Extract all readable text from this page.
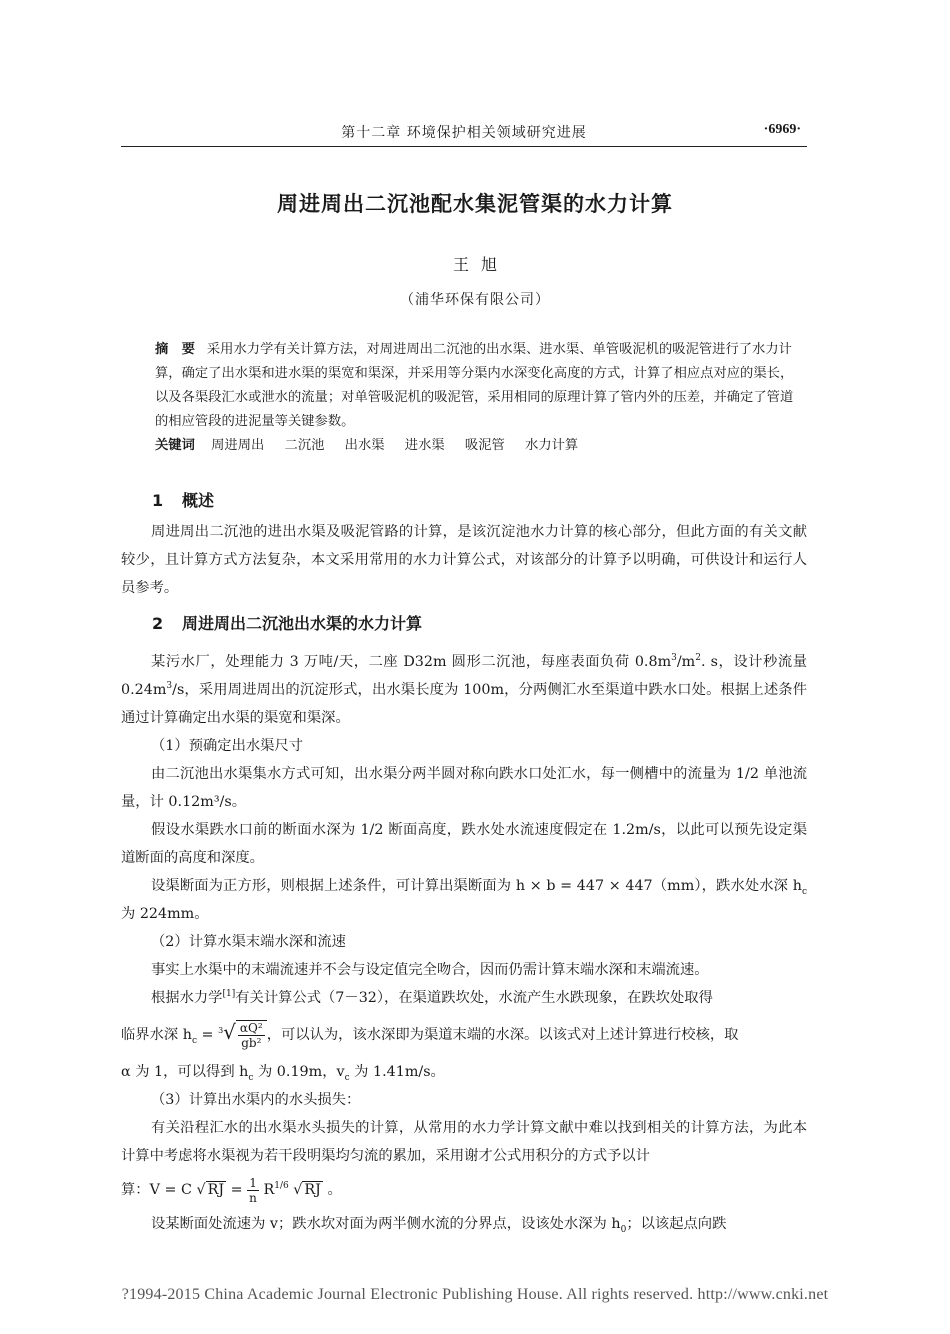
第十二章 环境保护相关领域研究进展	·6969·
周进周出二沉池配水集泥管渠的水力计算
王旭
（浦华环保有限公司）
摘　要 采用水力学有关计算方法，对周进周出二沉池的出水渠、进水渠、单管吸泥机的吸泥管进行了水力计算，确定了出水渠和进水渠的渠宽和渠深，并采用等分渠内水深变化高度的方式，计算了相应点对应的渠长，以及各渠段汇水或泄水的流量；对单管吸泥机的吸泥管，采用相同的原理计算了管内外的压差，并确定了管道的相应管段的进泥量等关键参数。
关键词 周进周出 二沉池 出水渠 进水渠 吸泥管 水力计算
1 概述

周进周出二沉池的进出水渠及吸泥管路的计算，是该沉淀池水力计算的核心部分，但此方面的有关文献较少，且计算方式方法复杂，本文采用常用的水力计算公式，对该部分的计算予以明确，可供设计和运行人员参考。

2 周进周出二沉池出水渠的水力计算

某污水厂，处理能力 3 万吨/天，二座 D32m 圆形二沉池，每座表面负荷 $0.8m^3/m^2$. s，设计秒流量 $0.24m^3/s$，采用周进周出的沉淀形式，出水渠长度为 100m，分两侧汇水至渠道中跌水口处。根据上述条件通过计算确定出水渠的渠宽和渠深。

（1）预确定出水渠尺寸

由二沉池出水渠集水方式可知，出水渠分两半圆对称向跌水口处汇水，每一侧槽中的流量为 1/2 单池流量，计 0.12m³/s。

假设水渠跌水口前的断面水深为 1/2 断面高度，跌水处水流速度假定在 1.2m/s，以此可以预先设定渠道断面的高度和深度。

设渠断面为正方形，则根据上述条件，可计算出渠断面为 h × b = 447 × 447（mm），跌水处水深 $h_c$ 为 224mm。

（2）计算水渠末端水深和流速

事实上水渠中的末端流速并不会与设定值完全吻合，因而仍需计算末端水深和末端流速。

根据水力学[1]有关计算公式（7－32），在渠道跌坎处，水流产生水跌现象，在跌坎处取得

临界水深 $h_c = ^3√ \frac{\text{αQ²}}{\text{gb²}}$ ，可以认为，该水深即为渠道末端的水深。以该式对上述计算进行校核，取

α 为 1，可以得到 $h_c$ 为 0.19m，$v_c$ 为 1.41m/s。

（3）计算出水渠内的水头损失：

有关沿程汇水的出水渠水头损失的计算，从常用的水力学计算文献中难以找到相关的计算方法，为此本计算中考虑将水渠视为若干段明渠均匀流的累加，采用谢才公式用积分的方式予以计

算：V = C √ RJ = $\frac{1}{n} R^{1/6}$ √ RJ 。

设某断面处流速为 v；跌水坎对面为两半侧水流的分界点，设该处水深为 $h_0$；以该起点向跌

?1994-2015 China Academic Journal Electronic Publishing House. All rights reserved. http://www.cnki.net
